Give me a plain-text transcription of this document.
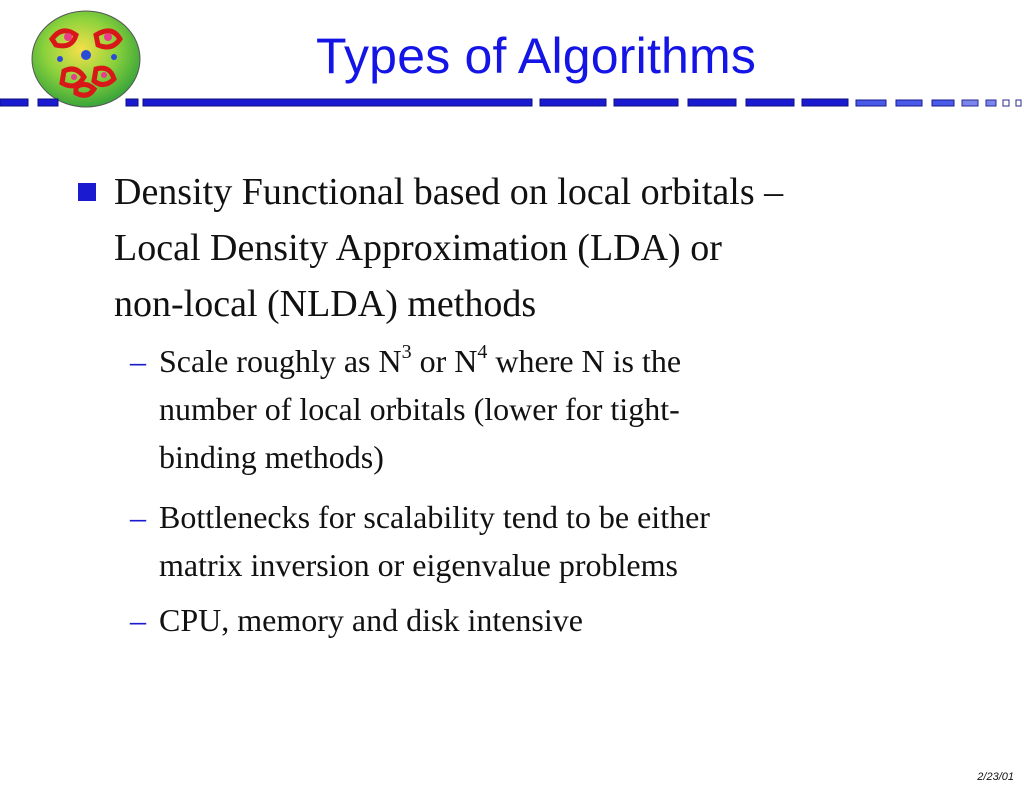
Types of Algorithms
Density Functional based on local orbitals –
Local Density Approximation (LDA) or
non-local (NLDA) methods
– Scale roughly as $N^3$ or $N^4$ where N is the
number of local orbitals (lower for tight-
binding methods)
– Bottlenecks for scalability tend to be either
matrix inversion or eigenvalue problems
– CPU, memory and disk intensive
2/23/01
